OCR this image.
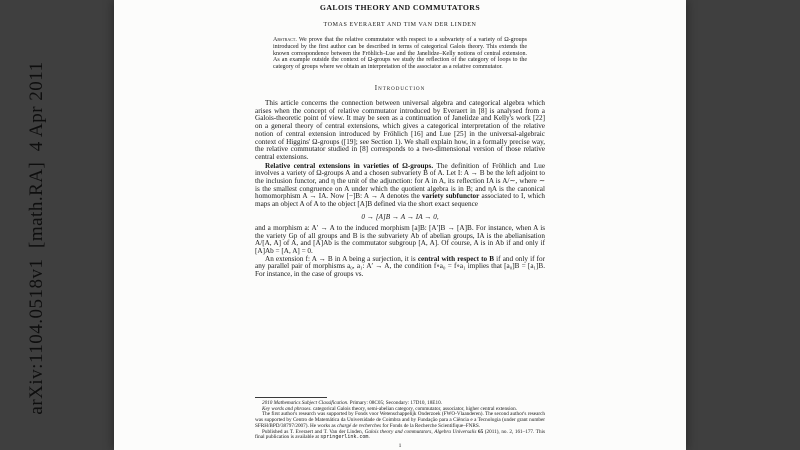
arXiv:1104.0518v1  [math.RA]  4 Apr 2011
GALOIS THEORY AND COMMUTATORS
TOMAS EVERAERT AND TIM VAN DER LINDEN
Abstract. We prove that the relative commutator with respect to a subvariety of a variety of Ω-groups introduced by the first author can be described in terms of categorical Galois theory. This extends the known correspondence between the Fröhlich–Lue and the Janelidze–Kelly notions of central extension. As an example outside the context of Ω-groups we study the reflection of the category of loops to the category of groups where we obtain an interpretation of the associator as a relative commutator.
Introduction
This article concerns the connection between universal algebra and categorical algebra which arises when the concept of relative commutator introduced by Everaert in [8] is analysed from a Galois-theoretic point of view. It may be seen as a continuation of Janelidze and Kelly's work [22] on a general theory of central extensions, which gives a categorical interpretation of the relative notion of central extension introduced by Fröhlich [16] and Lue [25] in the universal-algebraic context of Higgins' Ω-groups ([19]; see Section 1). We shall explain how, in a formally precise way, the relative commutator studied in [8] corresponds to a two-dimensional version of those relative central extensions.
Relative central extensions in varieties of Ω-groups. The definition of Fröhlich and Lue involves a variety of Ω-groups A and a chosen subvariety B of A. Let I: A → B be the left adjoint to the inclusion functor, and η the unit of the adjunction: for A in A, its reflection IA is A/∼, where ∼ is the smallest congruence on A under which the quotient algebra is in B; and ηA is the canonical homomorphism A → IA. Now [−]B: A → A denotes the variety subfunctor associated to I, which maps an object A of A to the object [A]B defined via the short exact sequence
0 → [A]B → A → IA → 0,
and a morphism a: A′ → A to the induced morphism [a]B: [A′]B → [A]B. For instance, when A is the variety Gp of all groups and B is the subvariety Ab of abelian groups, IA is the abelianisation A/[A, A] of A, and [A]Ab is the commutator subgroup [A, A]. Of course, A is in Ab if and only if [A]Ab = [A, A] = 0.
An extension f: A → B in A being a surjection, it is central with respect to B if and only if for any parallel pair of morphisms a₀, a₁: A′ → A, the condition f∘a₀ = f∘a₁ implies that [a₀]B = [a₁]B. For instance, in the case of groups vs.
2010 Mathematics Subject Classification. Primary: 08C05; Secondary: 17D10, 18E10.
Key words and phrases. categorical Galois theory, semi-abelian category, commutator, associator, higher central extension.
The first author's research was supported by Fonds voor Wetenschappelijk Onderzoek (FWO-Vlaanderen). The second author's research was supported by Centro de Matemática da Universidade de Coimbra and by Fundação para a Ciência e a Tecnologia (under grant number SFRH/BPD/38797/2007). He works as chargé de recherches for Fonds de la Recherche Scientifique–FNRS.
Published as T. Everaert and T. Van der Linden, Galois theory and commutators, Algebra Universalis 65 (2011), no. 2, 161–177. This final publication is available at springerlink.com.
1
